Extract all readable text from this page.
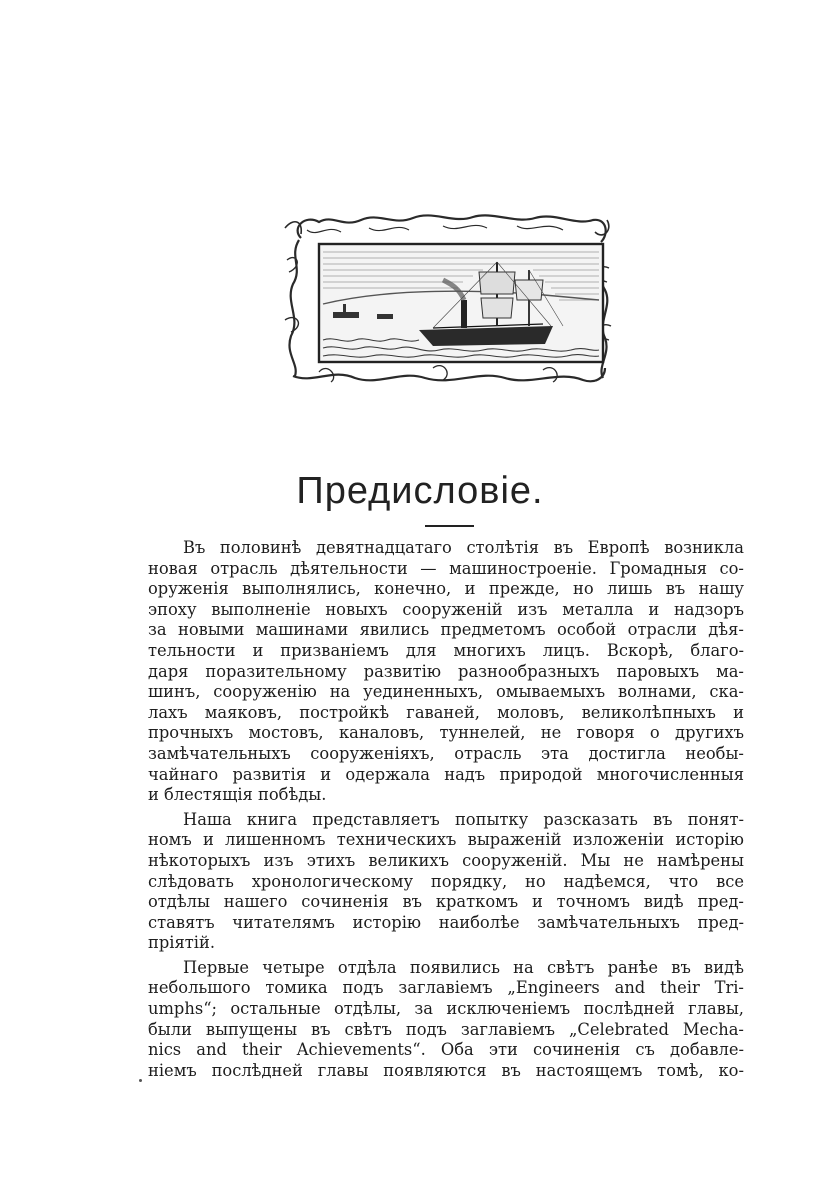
Предисловіе.
Въ половинѣ девятнадцатаго столѣтія въ Европѣ возникла
новая отрасль дѣятельности — машиностроеніе. Громадныя со-
оруженія выполнялись, конечно, и прежде, но лишь въ нашу
эпоху выполненіе новыхъ сооруженій изъ металла и надзоръ
за новыми машинами явились предметомъ особой отрасли дѣя-
тельности и призваніемъ для многихъ лицъ. Вскорѣ, благо-
даря поразительному развитію разнообразныхъ паровыхъ ма-
шинъ, сооруженію на уединенныхъ, омываемыхъ волнами, ска-
лахъ маяковъ, постройкѣ гаваней, моловъ, великолѣпныхъ и
прочныхъ мостовъ, каналовъ, туннелей, не говоря о другихъ
замѣчательныхъ сооруженіяхъ, отрасль эта достигла необы-
чайнаго развитія и одержала надъ природой многочисленныя
и блестящія побѣды.
Наша книга представляетъ попытку разсказать въ понят-
номъ и лишенномъ техническихъ выраженій изложеніи исторію
нѣкоторыхъ изъ этихъ великихъ сооруженій. Мы не намѣрены
слѣдовать хронологическому порядку, но надѣемся, что все
отдѣлы нашего сочиненія въ краткомъ и точномъ видѣ пред-
ставятъ читателямъ исторію наиболѣе замѣчательныхъ пред-
пріятій.
Первые четыре отдѣла появились на свѣтъ ранѣе въ видѣ
небольшого томика подъ заглавіемъ „Engineers and their Tri-
umphs“; остальные отдѣлы, за исключеніемъ послѣдней главы,
были выпущены въ свѣтъ подъ заглавіемъ „Celebrated Mecha-
nics and their Achievements“. Оба эти сочиненія съ добавле-
ніемъ послѣдней главы появляются въ настоящемъ томѣ, ко-
